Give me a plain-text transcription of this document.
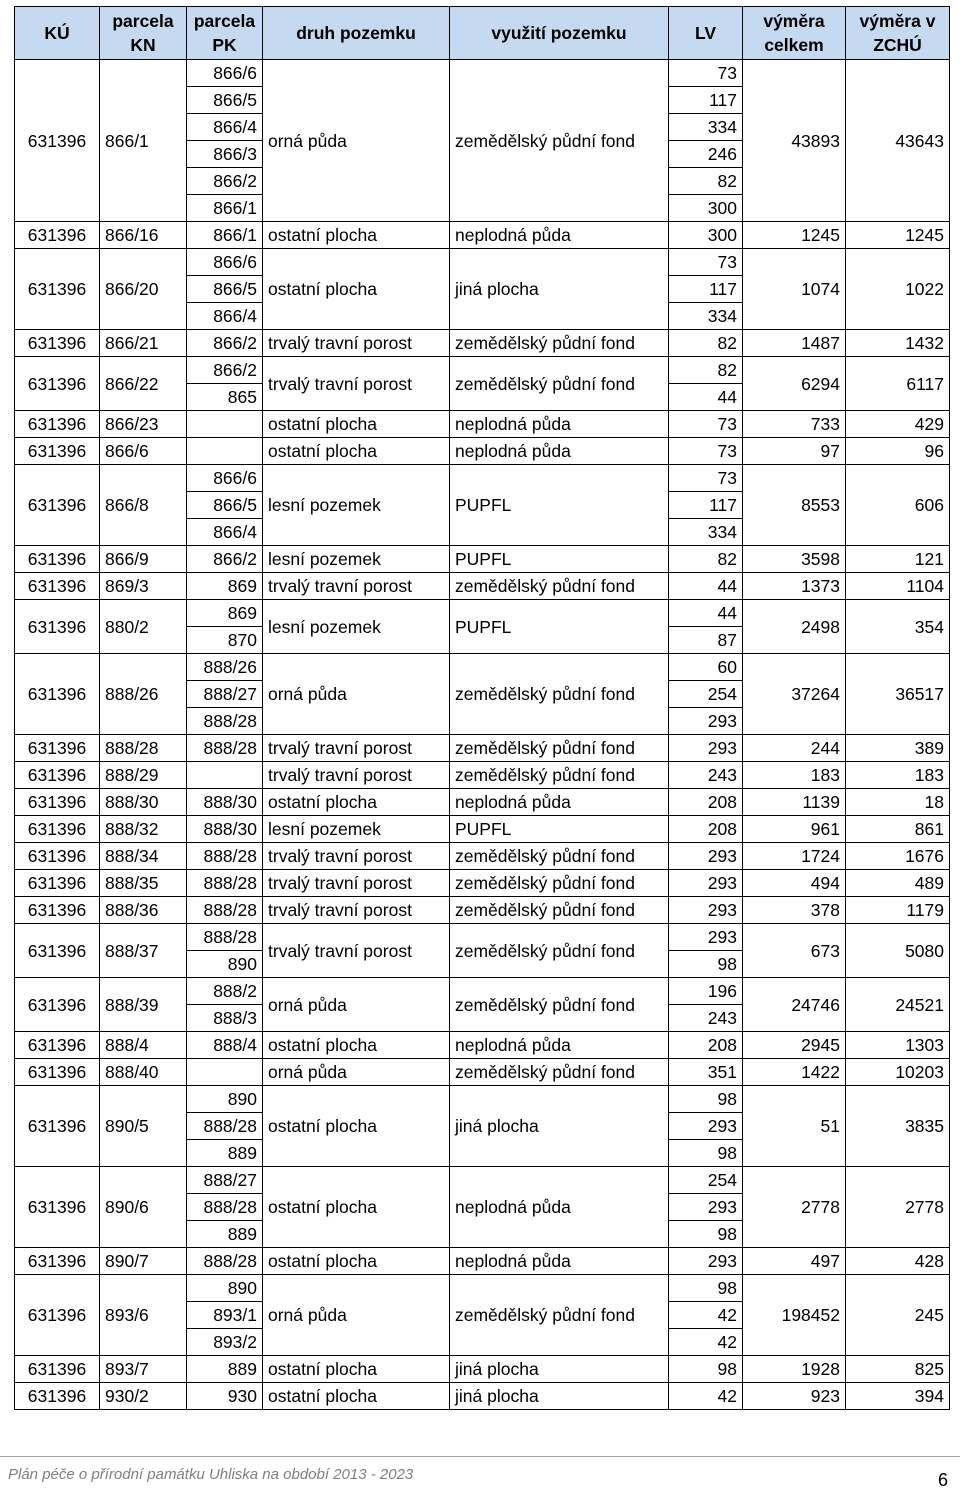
KÚ	parcela KN	parcela PK	druh pozemku	využití pozemku	LV	výměra celkem	výměra v ZCHÚ
631396	866/1	866/6	orná půda	zemědělský půdní fond	73	43893	43643
		866/5			117		
		866/4			334		
		866/3			246		
		866/2			82		
		866/1			300		
631396	866/16	866/1	ostatní plocha	neplodná půda	300	1245	1245
631396	866/20	866/6	ostatní plocha	jiná plocha	73	1074	1022
		866/5			117		
		866/4			334		
631396	866/21	866/2	trvalý travní porost	zemědělský půdní fond	82	1487	1432
631396	866/22	866/2	trvalý travní porost	zemědělský půdní fond	82	6294	6117
		865			44		
631396	866/23		ostatní plocha	neplodná půda	73	733	429
631396	866/6		ostatní plocha	neplodná půda	73	97	96
631396	866/8	866/6	lesní pozemek	PUPFL	73	8553	606
		866/5			117		
		866/4			334		
631396	866/9	866/2	lesní pozemek	PUPFL	82	3598	121
631396	869/3	869	trvalý travní porost	zemědělský půdní fond	44	1373	1104
631396	880/2	869	lesní pozemek	PUPFL	44	2498	354
		870			87		
631396	888/26	888/26	orná půda	zemědělský půdní fond	60	37264	36517
		888/27			254		
		888/28			293		
631396	888/28	888/28	trvalý travní porost	zemědělský půdní fond	293	244	389
631396	888/29		trvalý travní porost	zemědělský půdní fond	243	183	183
631396	888/30	888/30	ostatní plocha	neplodná půda	208	1139	18
631396	888/32	888/30	lesní pozemek	PUPFL	208	961	861
631396	888/34	888/28	trvalý travní porost	zemědělský půdní fond	293	1724	1676
631396	888/35	888/28	trvalý travní porost	zemědělský půdní fond	293	494	489
631396	888/36	888/28	trvalý travní porost	zemědělský půdní fond	293	378	1179
631396	888/37	888/28	trvalý travní porost	zemědělský půdní fond	293	673	5080
		890			98		
631396	888/39	888/2	orná půda	zemědělský půdní fond	196	24746	24521
		888/3			243		
631396	888/4	888/4	ostatní plocha	neplodná půda	208	2945	1303
631396	888/40		orná půda	zemědělský půdní fond	351	1422	10203
631396	890/5	890	ostatní plocha	jiná plocha	98	51	3835
		888/28			293		
		889			98		
631396	890/6	888/27	ostatní plocha	neplodná půda	254	2778	2778
		888/28			293		
		889			98		
631396	890/7	888/28	ostatní plocha	neplodná půda	293	497	428
631396	893/6	890	orná půda	zemědělský půdní fond	98	198452	245
		893/1			42		
		893/2			42		
631396	893/7	889	ostatní plocha	jiná plocha	98	1928	825
631396	930/2	930	ostatní plocha	jiná plocha	42	923	394
Plán péče o přírodní památku Uhliska na období 2013 - 2023	6
